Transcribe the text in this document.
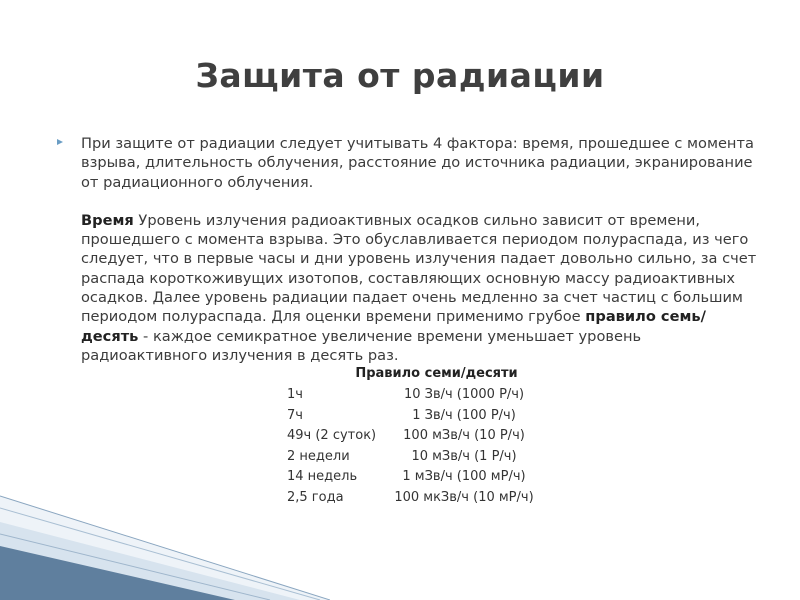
Защита от радиации

При защите от радиации следует учитывать 4 фактора: время, прошедшее с момента взрыва, длительность облучения, расстояние до источника радиации, экранирование от радиационного облучения.

Время Уровень излучения радиоактивных осадков сильно зависит от времени, прошедшего с момента взрыва. Это обуславливается периодом полураспада, из чего следует, что в первые часы и дни уровень излучения падает довольно сильно, за счет распада короткоживущих изотопов, составляющих основную массу радиоактивных осадков. Далее уровень радиации падает очень медленно за счет частиц с большим периодом полураспада. Для оценки времени применимо грубое правило семь/десять - каждое семикратное увеличение времени уменьшает уровень радиоактивного излучения в десять раз.

Правило семи/десяти
1ч	10 Зв/ч (1000 Р/ч)
7ч	1 Зв/ч (100 Р/ч)
49ч (2 суток)	100 мЗв/ч (10 Р/ч)
2 недели	10 мЗв/ч (1 Р/ч)
14 недель	1 мЗв/ч (100 мР/ч)
2,5 года	100 мкЗв/ч (10 мР/ч)
